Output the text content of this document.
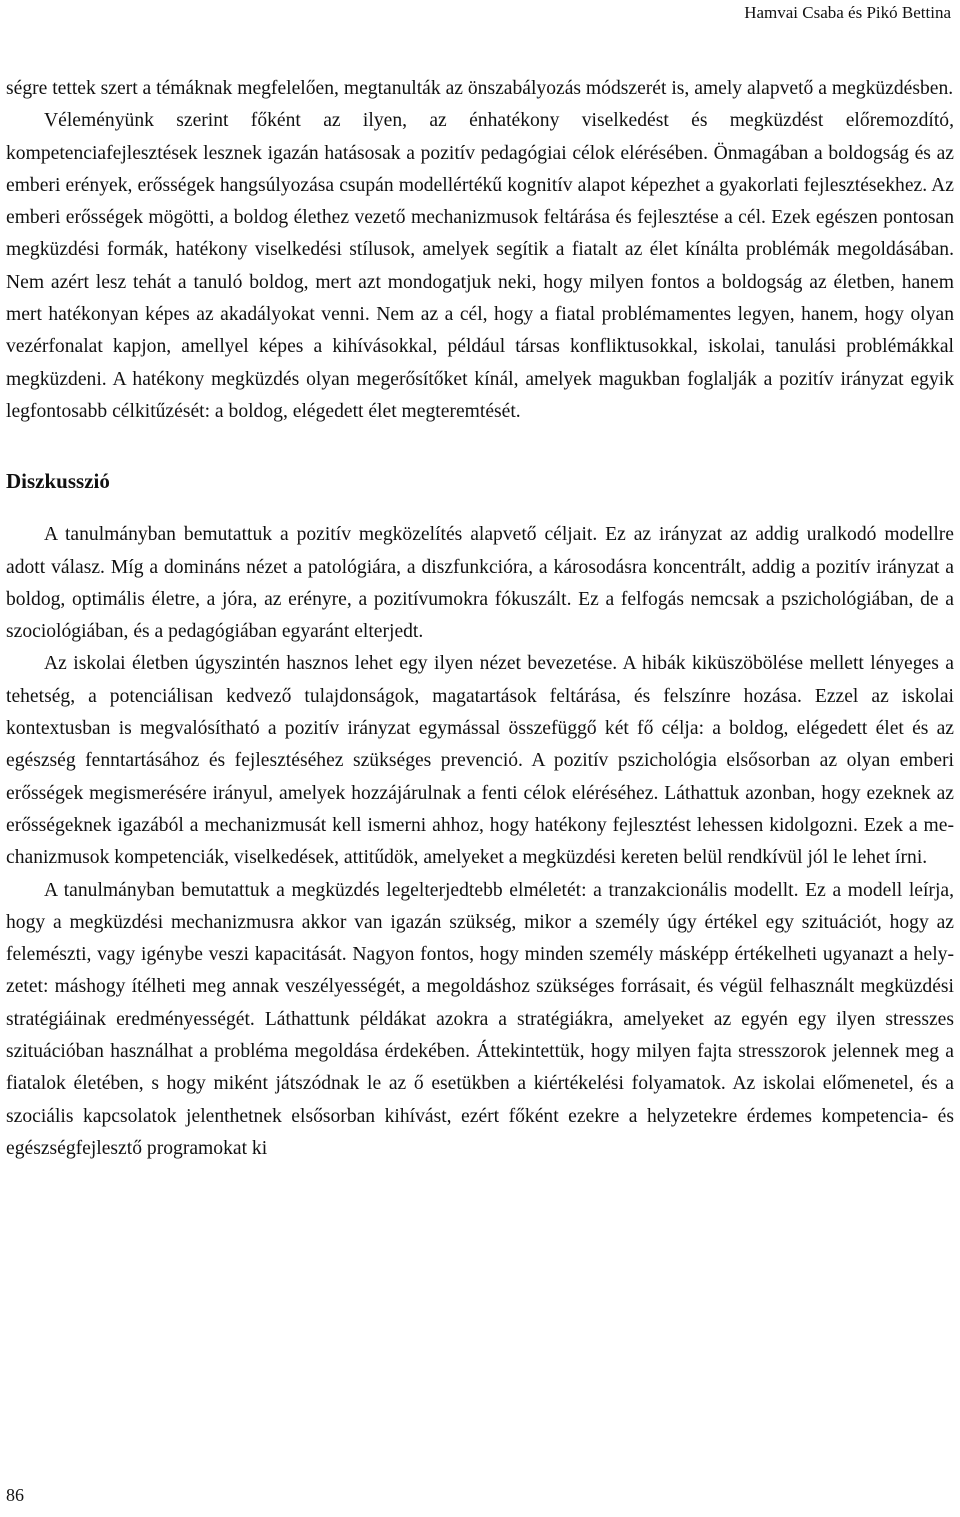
Hamvai Csaba és Pikó Bettina

ségre tettek szert a témáknak megfelelően, megtanulták az önszabályozás módszerét is, amely alapvető a megküzdésben.

Véleményünk szerint főként az ilyen, az énhatékony viselkedést és megküzdést előremozdító, kompetenciafejlesztések lesznek igazán hatásosak a pozitív pedagógiai célok elérésében. Önmagában a boldogság és az emberi erények, erősségek hangsúlyozása csupán modellértékű kognitív alapot képezhet a gyakorlati fejlesztésekhez. Az emberi erősségek mögötti, a boldog élethez vezető mechanizmusok feltárása és fejlesztése a cél. Ezek egészen pontosan megküzdési formák, hatékony viselkedési stílusok, amelyek segítik a fiatalt az élet kínálta problémák megoldásában. Nem azért lesz tehát a tanuló boldog, mert azt mondogatjuk neki, hogy milyen fontos a boldogság az életben, hanem mert hatékonyan képes az akadályokat venni. Nem az a cél, hogy a fiatal problémamentes legyen, hanem, hogy olyan vezérfonalat kapjon, amellyel képes a kihívásokkal, például társas konfliktusokkal, iskolai, tanulási problémákkal megküzdeni. A hatékony megküzdés olyan megerősítőket kínál, amelyek magukban foglalják a pozitív irányzat egyik legfontosabb célkitűzését: a boldog, elégedett élet megteremtését.

Diszkusszió

A tanulmányban bemutattuk a pozitív megközelítés alapvető céljait. Ez az irányzat az addig uralkodó modellre adott válasz. Míg a domináns nézet a patológiára, a diszfunkcióra, a károsodásra koncentrált, addig a pozitív irányzat a boldog, optimális életre, a jóra, az erényre, a pozitívumokra fókuszált. Ez a felfogás nemcsak a pszichológiában, de a szociológiában, és a pedagógiában egyaránt elterjedt.

Az iskolai életben úgyszintén hasznos lehet egy ilyen nézet bevezetése. A hibák kiküszöbölése mellett lényeges a tehetség, a potenciálisan kedvező tulajdonságok, magatartások feltárása, és felszínre hozása. Ezzel az iskolai kontextusban is megvalósítható a pozitív irányzat egymással összefüggő két fő célja: a boldog, elégedett élet és az egészség fenntartásához és fejlesztéséhez szükséges prevenció. A pozitív pszichológia elsősorban az olyan emberi erősségek megismerésére irányul, amelyek hozzájárulnak a fenti célok eléréséhez. Láthattuk azonban, hogy ezeknek az erősségeknek igazából a mechanizmusát kell ismerni ahhoz, hogy hatékony fejlesztést lehessen kidolgozni. Ezek a mechanizmusok kompetenciák, viselkedések, attitűdök, amelyeket a megküzdési kereten belül rendkívül jól le lehet írni.

A tanulmányban bemutattuk a megküzdés legelterjedtebb elméletét: a tranzakcionális modellt. Ez a modell leírja, hogy a megküzdési mechanizmusra akkor van igazán szükség, mikor a személy úgy értékel egy szituációt, hogy az felemészti, vagy igénybe veszi kapacitását. Nagyon fontos, hogy minden személy másképp értékelheti ugyanazt a helyzetet: máshogy ítélheti meg annak veszélyességét, a megoldáshoz szükséges forrásait, és végül felhasznált megküzdési stratégiáinak eredményességét. Láthattunk példákat azokra a stratégiákra, amelyeket az egyén egy ilyen stresszes szituációban használhat a probléma megoldása érdekében. Áttekintettük, hogy milyen fajta stresszorok jelennek meg a fiatalok életében, s hogy miként játszódnak le az ő esetükben a kiértékelési folyamatok. Az iskolai előmenetel, és a szociális kapcsolatok jelenthetnek elsősorban kihívást, ezért főként ezekre a helyzetekre érdemes kompetencia- és egészségfejlesztő programokat ki

86
